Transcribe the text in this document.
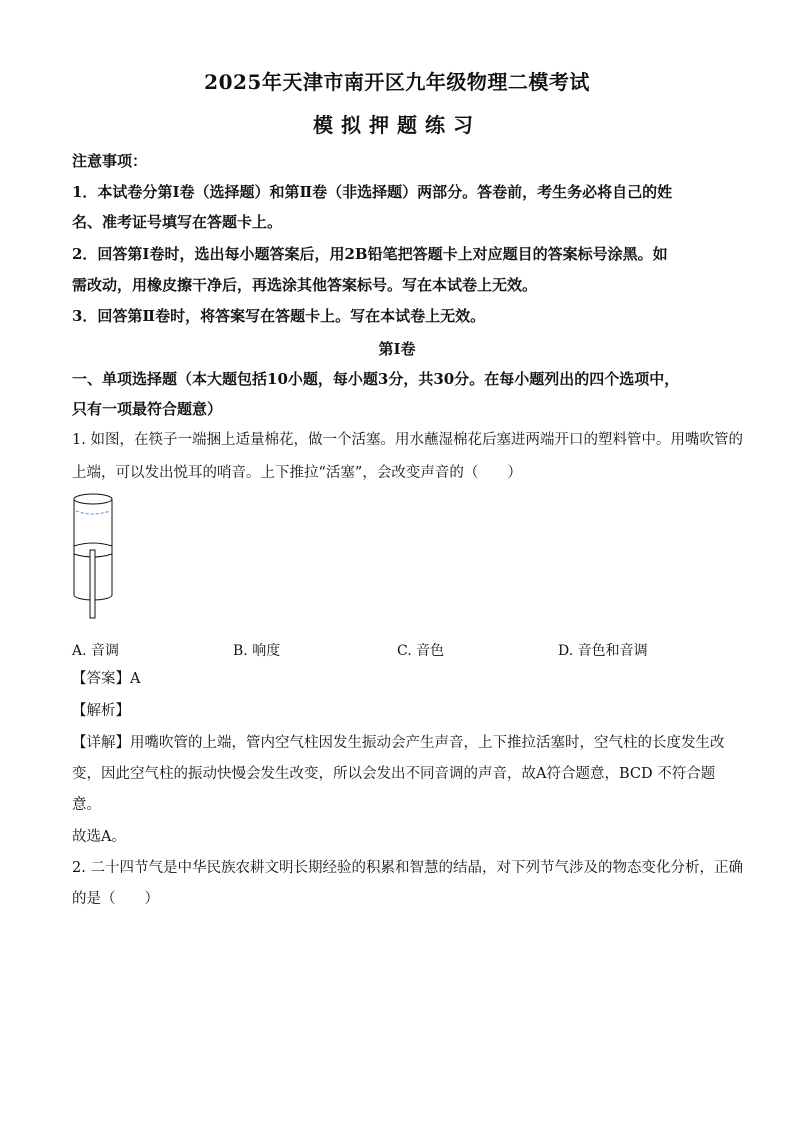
2025年天津市南开区九年级物理二模考试
模拟押题练习
注意事项：
1．本试卷分第Ⅰ卷（选择题）和第Ⅱ卷（非选择题）两部分。答卷前，考生务必将自己的姓
名、准考证号填写在答题卡上。
2．回答第Ⅰ卷时，选出每小题答案后，用2B铅笔把答题卡上对应题目的答案标号涂黑。如
需改动，用橡皮擦干净后，再选涂其他答案标号。写在本试卷上无效。
3．回答第Ⅱ卷时，将答案写在答题卡上。写在本试卷上无效。
第Ⅰ卷
一、单项选择题（本大题包括10小题，每小题3分，共30分。在每小题列出的四个选项中，
只有一项最符合题意）
1. 如图，在筷子一端捆上适量棉花，做一个活塞。用水蘸湿棉花后塞进两端开口的塑料管中。用嘴吹管的
上端，可以发出悦耳的哨音。上下推拉“活塞”，会改变声音的（　　）
A. 音调	B. 响度	C. 音色	D. 音色和音调
【答案】A
【解析】
【详解】用嘴吹管的上端，管内空气柱因发生振动会产生声音，上下推拉活塞时，空气柱的长度发生改
变，因此空气柱的振动快慢会发生改变，所以会发出不同音调的声音，故A符合题意，BCD 不符合题
意。
故选A。
2. 二十四节气是中华民族农耕文明长期经验的积累和智慧的结晶，对下列节气涉及的物态变化分析，正确
的是（　　）
